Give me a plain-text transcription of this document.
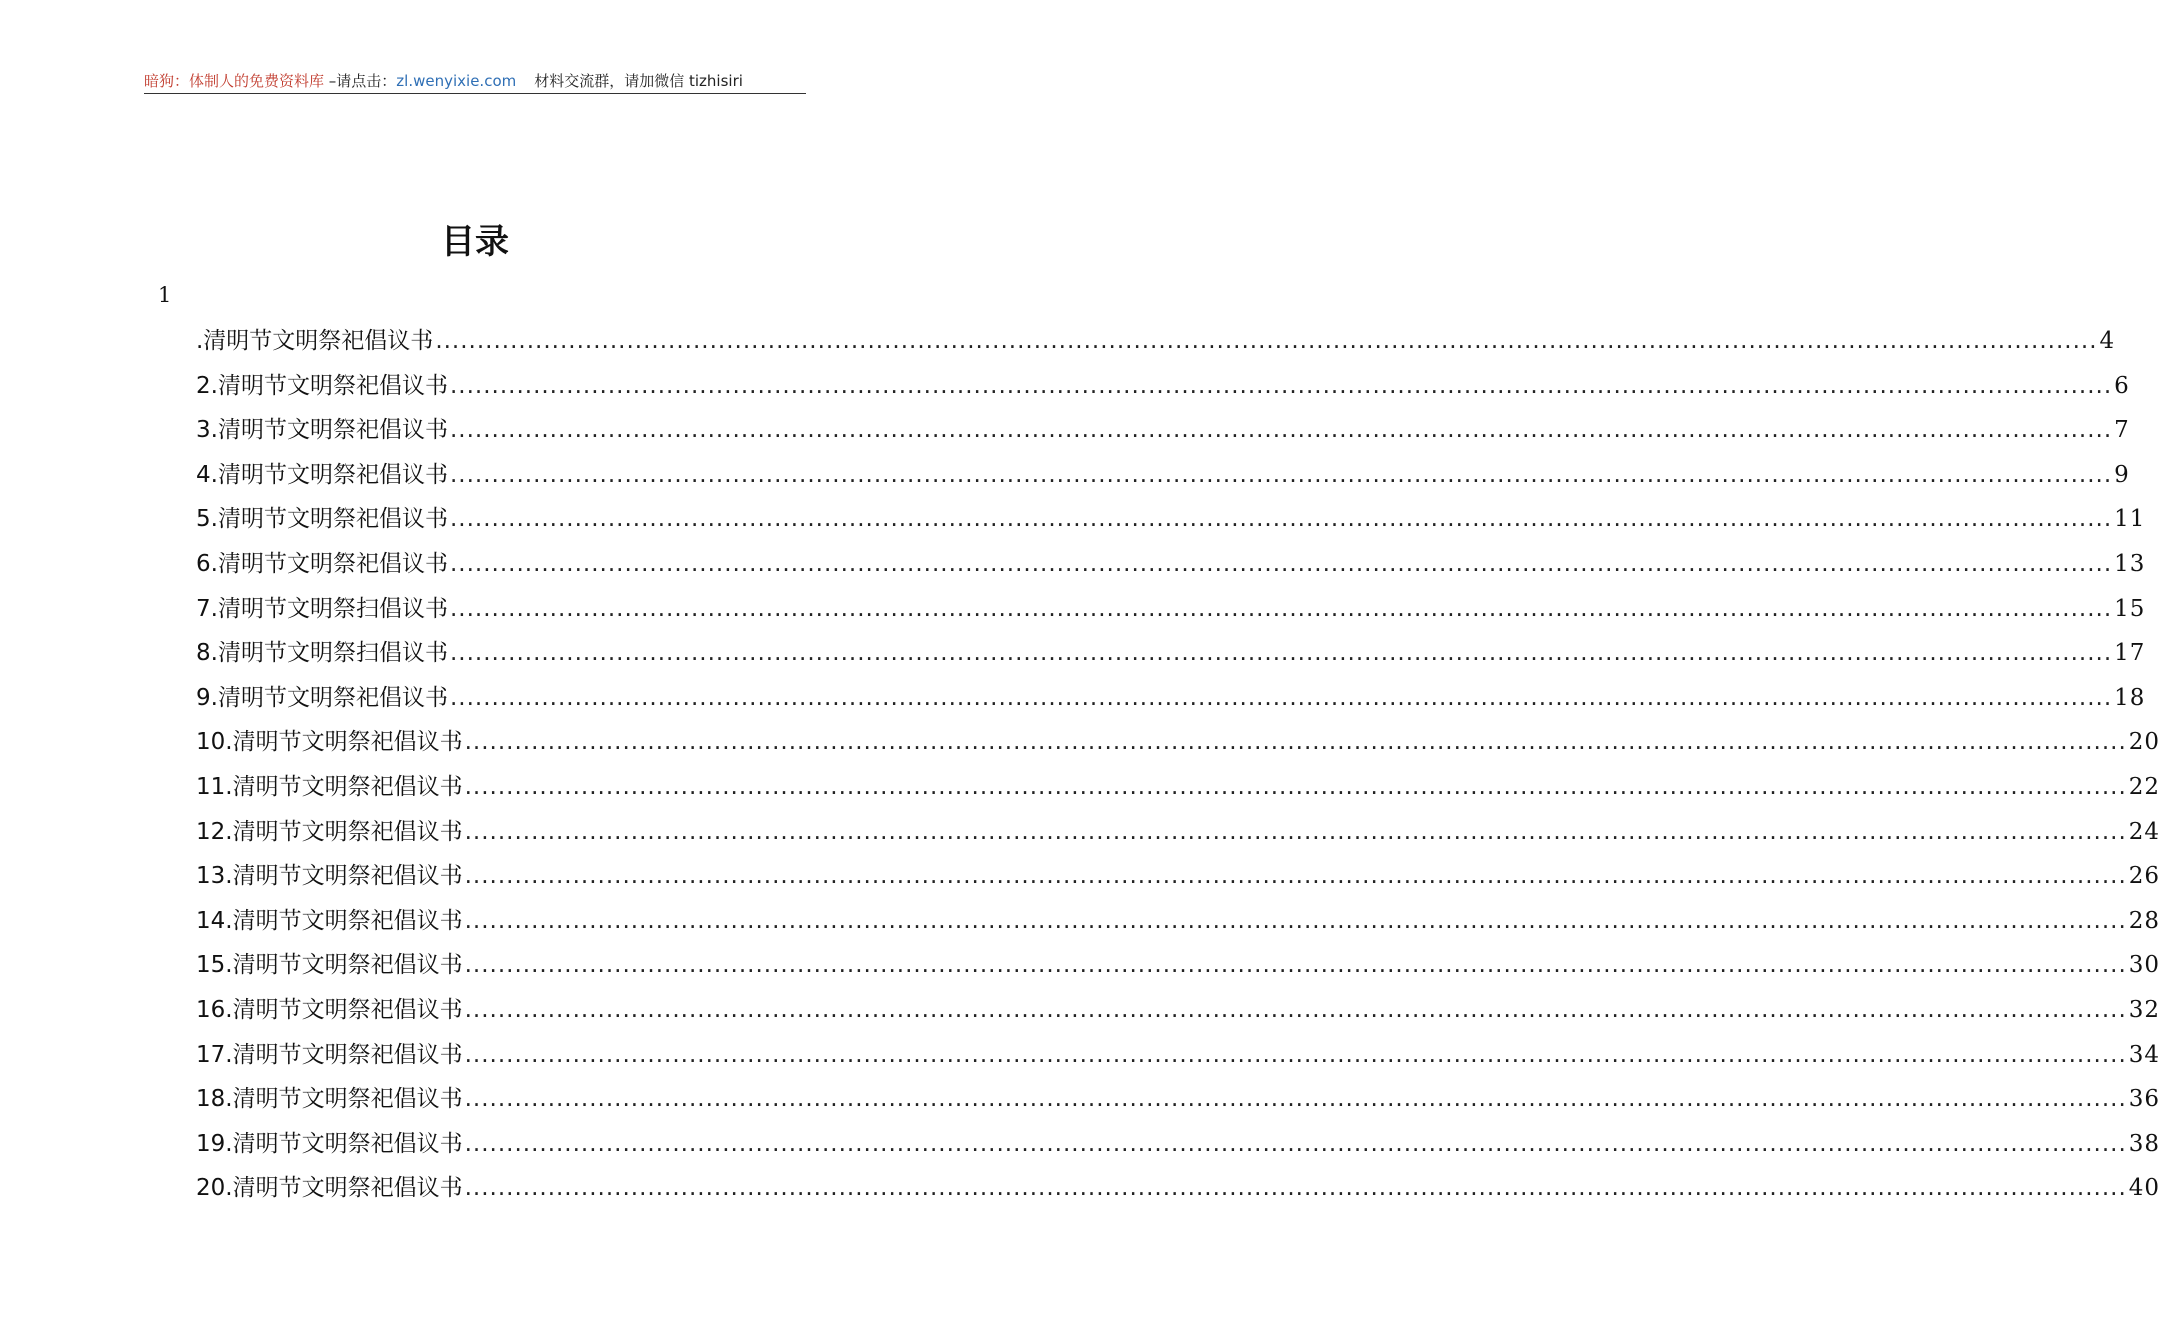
暗狗：体制人的免费资料库 –请点击：zl.wenyixie.com 材料交流群，请加微信 tizhisiri
目录
1
.清明节文明祭祀倡议书 ........................................................................................................................................................................................................ 4
2.清明节文明祭祀倡议书 ........................................................................................................................................................................................................ 6
3.清明节文明祭祀倡议书 ........................................................................................................................................................................................................ 7
4.清明节文明祭祀倡议书 ........................................................................................................................................................................................................ 9
5.清明节文明祭祀倡议书 ........................................................................................................................................................................................................ 11
6.清明节文明祭祀倡议书 ........................................................................................................................................................................................................ 13
7.清明节文明祭扫倡议书 ........................................................................................................................................................................................................ 15
8.清明节文明祭扫倡议书 ........................................................................................................................................................................................................ 17
9.清明节文明祭祀倡议书 ........................................................................................................................................................................................................ 18
10.清明节文明祭祀倡议书 ........................................................................................................................................................................................................ 20
11.清明节文明祭祀倡议书 ........................................................................................................................................................................................................ 22
12.清明节文明祭祀倡议书 ........................................................................................................................................................................................................ 24
13.清明节文明祭祀倡议书 ........................................................................................................................................................................................................ 26
14.清明节文明祭祀倡议书 ........................................................................................................................................................................................................ 28
15.清明节文明祭祀倡议书 ........................................................................................................................................................................................................ 30
16.清明节文明祭祀倡议书 ........................................................................................................................................................................................................ 32
17.清明节文明祭祀倡议书 ........................................................................................................................................................................................................ 34
18.清明节文明祭祀倡议书 ........................................................................................................................................................................................................ 36
19.清明节文明祭祀倡议书 ........................................................................................................................................................................................................ 38
20.清明节文明祭祀倡议书 ........................................................................................................................................................................................................ 40
